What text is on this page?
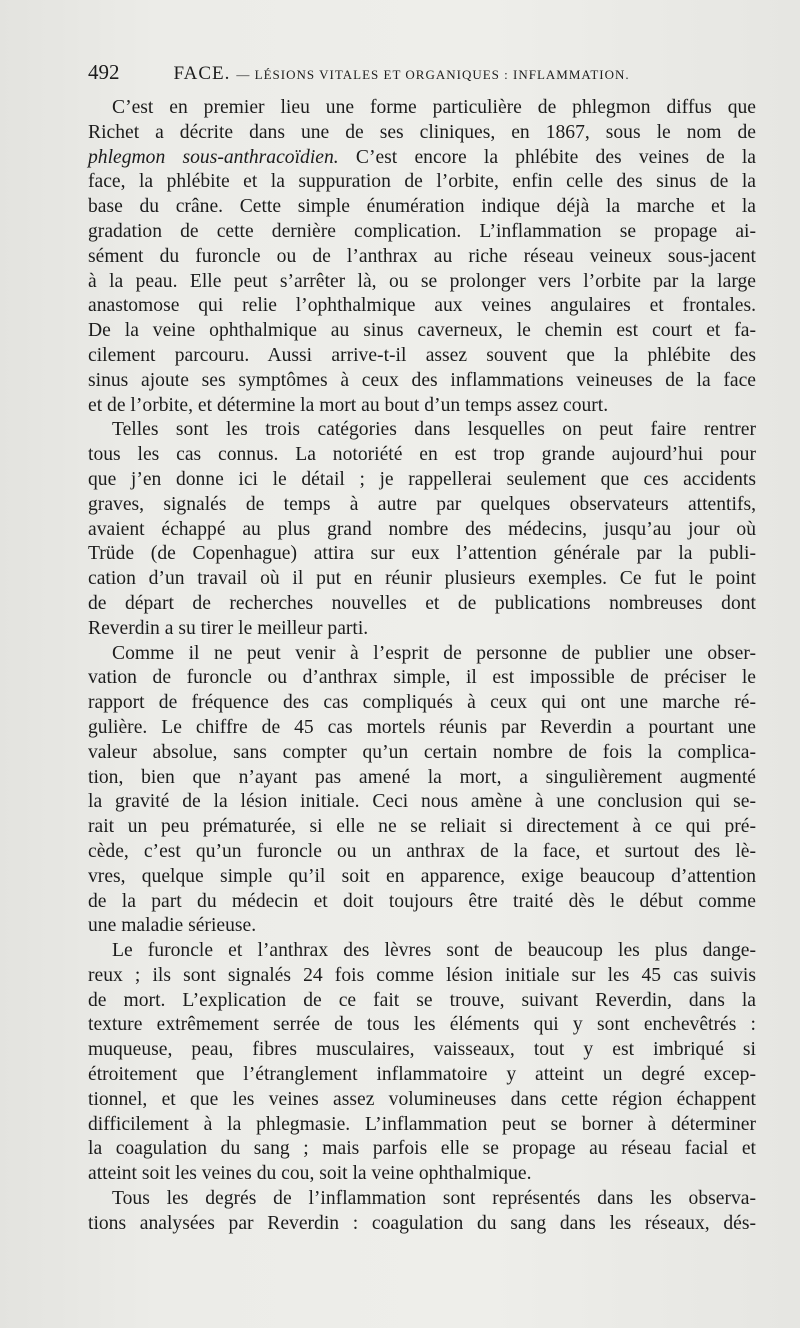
492	FACE. — LÉSIONS VITALES ET ORGANIQUES : INFLAMMATION.
C’est en premier lieu une forme particulière de phlegmon diffus que
Richet a décrite dans une de ses cliniques, en 1867, sous le nom de
phlegmon sous-anthracoïdien. C’est encore la phlébite des veines de la
face, la phlébite et la suppuration de l’orbite, enfin celle des sinus de la
base du crâne. Cette simple énumération indique déjà la marche et la
gradation de cette dernière complication. L’inflammation se propage ai-
sément du furoncle ou de l’anthrax au riche réseau veineux sous-jacent
à la peau. Elle peut s’arrêter là, ou se prolonger vers l’orbite par la large
anastomose qui relie l’ophthalmique aux veines angulaires et frontales.
De la veine ophthalmique au sinus caverneux, le chemin est court et fa-
cilement parcouru. Aussi arrive-t-il assez souvent que la phlébite des
sinus ajoute ses symptômes à ceux des inflammations veineuses de la face
et de l’orbite, et détermine la mort au bout d’un temps assez court.
Telles sont les trois catégories dans lesquelles on peut faire rentrer
tous les cas connus. La notoriété en est trop grande aujourd’hui pour
que j’en donne ici le détail ; je rappellerai seulement que ces accidents
graves, signalés de temps à autre par quelques observateurs attentifs,
avaient échappé au plus grand nombre des médecins, jusqu’au jour où
Trüde (de Copenhague) attira sur eux l’attention générale par la publi-
cation d’un travail où il put en réunir plusieurs exemples. Ce fut le point
de départ de recherches nouvelles et de publications nombreuses dont
Reverdin a su tirer le meilleur parti.
Comme il ne peut venir à l’esprit de personne de publier une obser-
vation de furoncle ou d’anthrax simple, il est impossible de préciser le
rapport de fréquence des cas compliqués à ceux qui ont une marche ré-
gulière. Le chiffre de 45 cas mortels réunis par Reverdin a pourtant une
valeur absolue, sans compter qu’un certain nombre de fois la complica-
tion, bien que n’ayant pas amené la mort, a singulièrement augmenté
la gravité de la lésion initiale. Ceci nous amène à une conclusion qui se-
rait un peu prématurée, si elle ne se reliait si directement à ce qui pré-
cède, c’est qu’un furoncle ou un anthrax de la face, et surtout des lè-
vres, quelque simple qu’il soit en apparence, exige beaucoup d’attention
de la part du médecin et doit toujours être traité dès le début comme
une maladie sérieuse.
Le furoncle et l’anthrax des lèvres sont de beaucoup les plus dange-
reux ; ils sont signalés 24 fois comme lésion initiale sur les 45 cas suivis
de mort. L’explication de ce fait se trouve, suivant Reverdin, dans la
texture extrêmement serrée de tous les éléments qui y sont enchevêtrés :
muqueuse, peau, fibres musculaires, vaisseaux, tout y est imbriqué si
étroitement que l’étranglement inflammatoire y atteint un degré excep-
tionnel, et que les veines assez volumineuses dans cette région échappent
difficilement à la phlegmasie. L’inflammation peut se borner à déterminer
la coagulation du sang ; mais parfois elle se propage au réseau facial et
atteint soit les veines du cou, soit la veine ophthalmique.
Tous les degrés de l’inflammation sont représentés dans les observa-
tions analysées par Reverdin : coagulation du sang dans les réseaux, dés-
